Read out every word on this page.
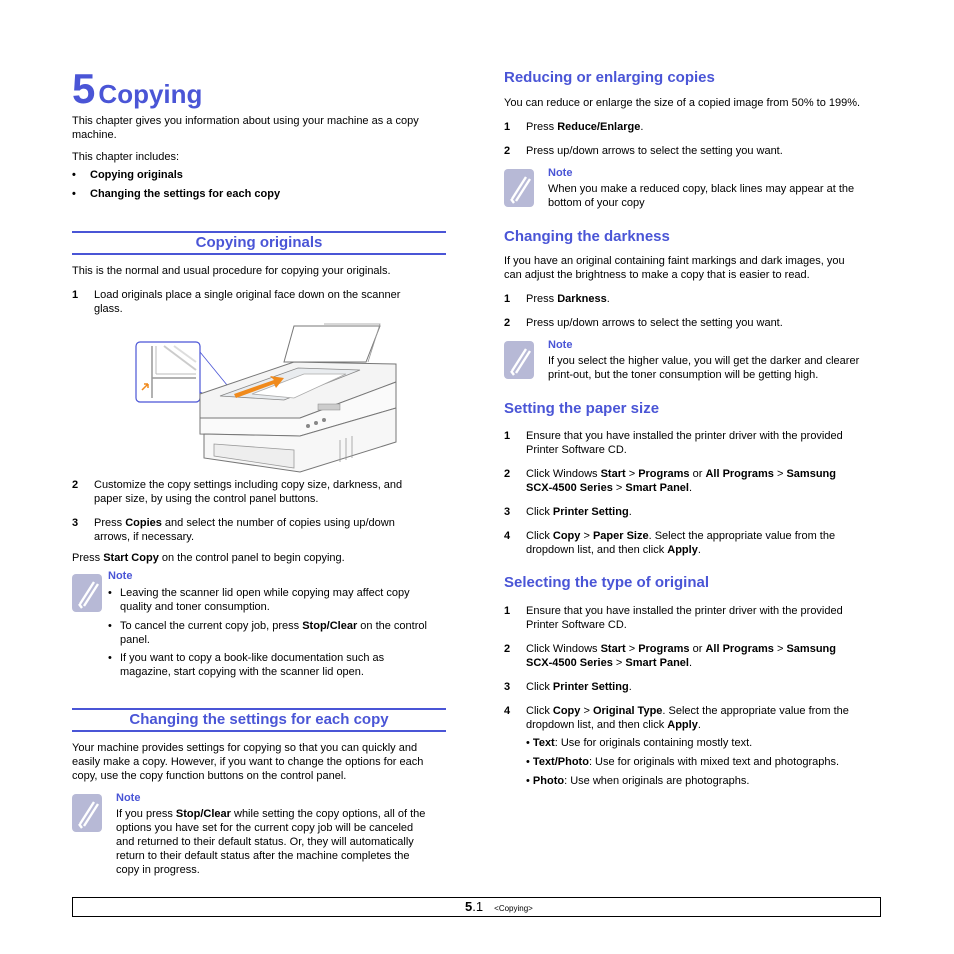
5 Copying
This chapter gives you information about using your machine as a copy
machine.
This chapter includes:
• Copying originals
• Changing the settings for each copy
Copying originals
This is the normal and usual procedure for copying your originals.
1 Load originals place a single original face down on the scanner
glass.
2 Customize the copy settings including copy size, darkness, and
paper size, by using the control panel buttons.
3 Press Copies and select the number of copies using up/down
arrows, if necessary.
Press Start Copy on the control panel to begin copying.
Note
• Leaving the scanner lid open while copying may affect copy
quality and toner consumption.
• To cancel the current copy job, press Stop/Clear on the control
panel.
• If you want to copy a book-like documentation such as
magazine, start copying with the scanner lid open.
Changing the settings for each copy
Your machine provides settings for copying so that you can quickly and
easily make a copy. However, if you want to change the options for each
copy, use the copy function buttons on the control panel.
Note
If you press Stop/Clear while setting the copy options, all of the
options you have set for the current copy job will be canceled
and returned to their default status. Or, they will automatically
return to their default status after the machine completes the
copy in progress.
Reducing or enlarging copies
You can reduce or enlarge the size of a copied image from 50% to 199%.
1 Press Reduce/Enlarge.
2 Press up/down arrows to select the setting you want.
Note
When you make a reduced copy, black lines may appear at the
bottom of your copy
Changing the darkness
If you have an original containing faint markings and dark images, you
can adjust the brightness to make a copy that is easier to read.
1 Press Darkness.
2 Press up/down arrows to select the setting you want.
Note
If you select the higher value, you will get the darker and clearer
print-out, but the toner consumption will be getting high.
Setting the paper size
1 Ensure that you have installed the printer driver with the provided
Printer Software CD.
2 Click Windows Start > Programs or All Programs > Samsung
SCX-4500 Series > Smart Panel.
3 Click Printer Setting.
4 Click Copy > Paper Size. Select the appropriate value from the
dropdown list, and then click Apply.
Selecting the type of original
1 Ensure that you have installed the printer driver with the provided
Printer Software CD.
2 Click Windows Start > Programs or All Programs > Samsung
SCX-4500 Series > Smart Panel.
3 Click Printer Setting.
4 Click Copy > Original Type. Select the appropriate value from the
dropdown list, and then click Apply.
• Text: Use for originals containing mostly text.
• Text/Photo: Use for originals with mixed text and photographs.
• Photo: Use when originals are photographs.
5.1 <Copying>
